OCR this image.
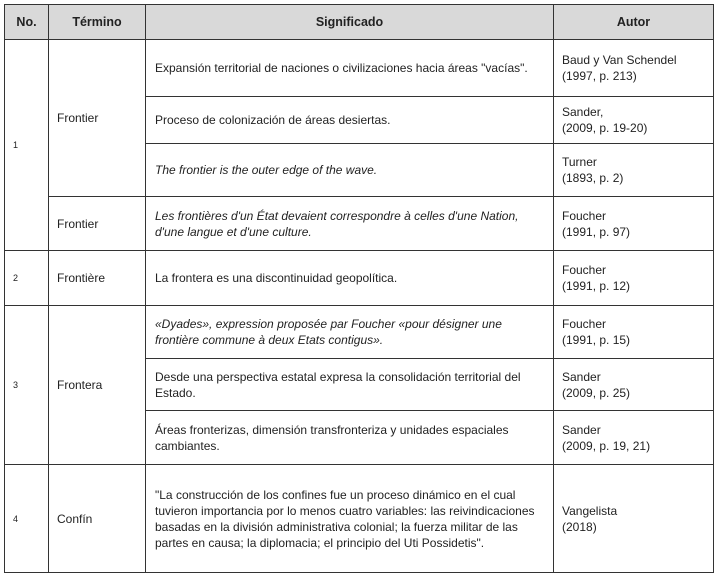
No.	Término	Significado	Autor
1	Frontier	Expansión territorial de naciones o civilizaciones hacia áreas "vacías".	Baud y Van Schendel
(1997, p. 213)

		Proceso de colonización de áreas desiertas.	Sander,
(2009, p. 19-20)

		The frontier is the outer edge of the wave.	Turner
(1893, p. 2)

	Frontier	Les frontières d'un État devaient correspondre à celles d'une Nation, d'une langue et d'une culture.	Foucher
(1991, p. 97)

2	Frontière	La frontera es una discontinuidad geopolítica.	Foucher
(1991, p. 12)

3	Frontera	«Dyades», expression proposée par Foucher «pour désigner une frontière commune à deux Etats contigus».	Foucher
(1991, p. 15)

		Desde una perspectiva estatal expresa la consolidación territorial del Estado.	Sander
(2009, p. 25)

		Áreas fronterizas, dimensión transfronteriza y unidades espaciales cambiantes.	Sander
(2009, p. 19, 21)

4	Confín	"La construcción de los confines fue un proceso dinámico en el cual tuvieron importancia por lo menos cuatro variables: las reivindicaciones basadas en la división administrativa colonial; la fuerza militar de las partes en causa; la diplomacia; el principio del Uti Possidetis".	Vangelista
(2018)
